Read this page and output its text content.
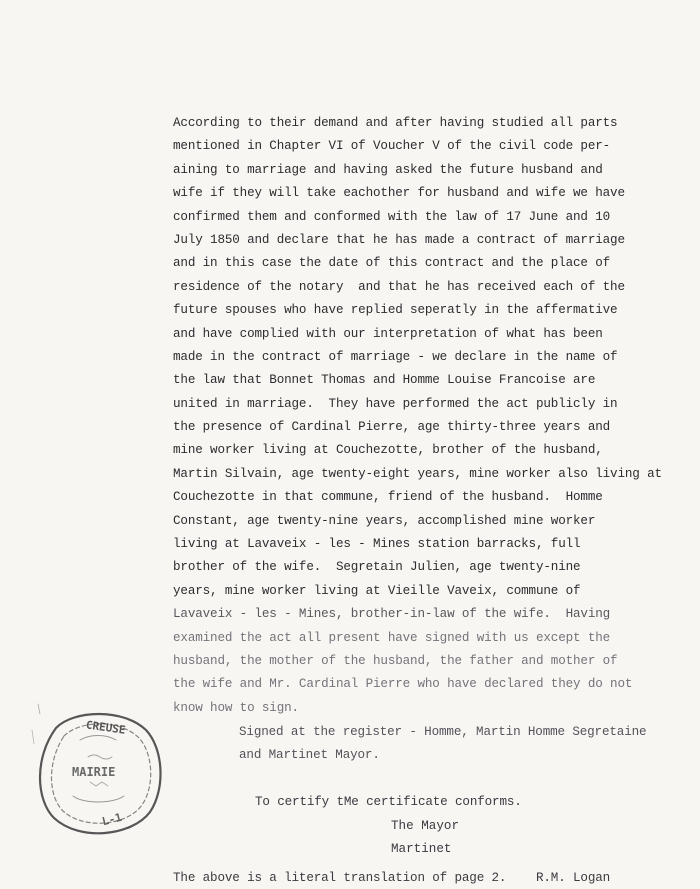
According to their demand and after having studied all parts
mentioned in Chapter VI of Voucher V of the civil code per-
aining to marriage and having asked the future husband and
wife if they will take eachother for husband and wife we have
confirmed them and conformed with the law of 17 June and 10
July 1850 and declare that he has made a contract of marriage
and in this case the date of this contract and the place of
residence of the notary  and that he has received each of the
future spouses who have replied seperatly in the affermative
and have complied with our interpretation of what has been
made in the contract of marriage - we declare in the name of
the law that Bonnet Thomas and Homme Louise Francoise are
united in marriage.  They have performed the act publicly in
the presence of Cardinal Pierre, age thirty-three years and
mine worker living at Couchezotte, brother of the husband,
Martin Silvain, age twenty-eight years, mine worker also living at
Couchezotte in that commune, friend of the husband.  Homme
Constant, age twenty-nine years, accomplished mine worker
living at Lavaveix - les - Mines station barracks, full
brother of the wife.  Segretain Julien, age twenty-nine
years, mine worker living at Vieille Vaveix, commune of
Lavaveix - les - Mines, brother-in-law of the wife.  Having
examined the act all present have signed with us except the
husband, the mother of the husband, the father and mother of
the wife and Mr. Cardinal Pierre who have declared they do not
know how to sign.
Signed at the register - Homme, Martin Homme Segretaine
and Martinet Mayor.
To certify tMe certificate conforms.
The Mayor
Martinet
The above is a literal translation of page 2.    R.M. Logan
CREUSE
MAIRIE
L-1
